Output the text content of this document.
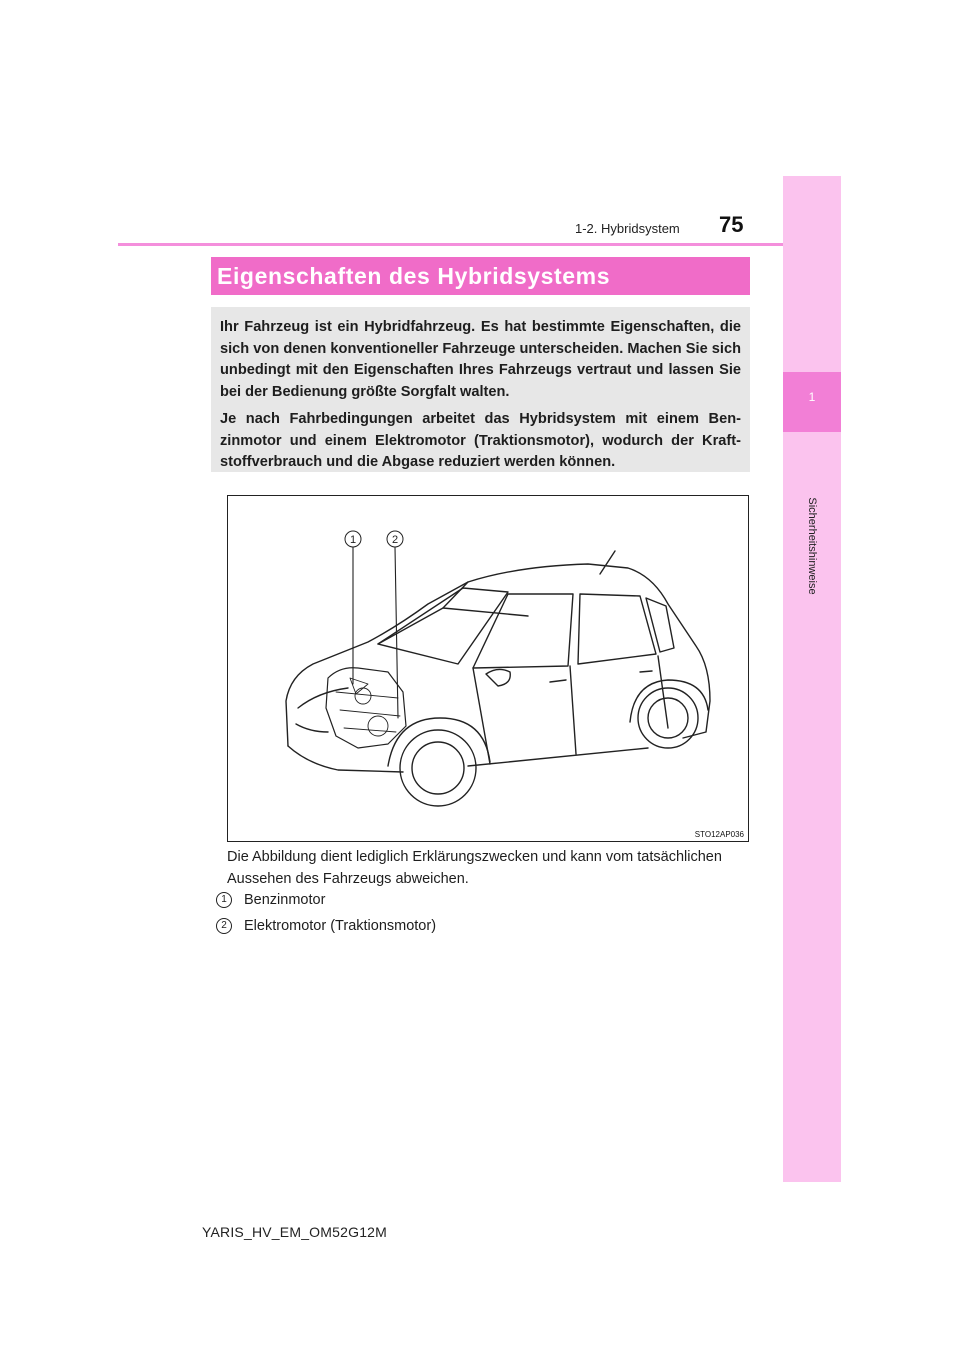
1
Sicherheitshinweise
1-2. Hybridsystem 75
Eigenschaften des Hybridsystems

Ihr Fahrzeug ist ein Hybridfahrzeug. Es hat bestimmte Eigenschaften, die sich von denen konventioneller Fahrzeuge unterscheiden. Machen Sie sich unbedingt mit den Eigenschaften Ihres Fahrzeugs vertraut und lassen Sie bei der Bedienung größte Sorgfalt walten.

Je nach Fahrbedingungen arbeitet das Hybridsystem mit einem Benzinmotor und einem Elektromotor (Traktionsmotor), wodurch der Kraftstoffverbrauch und die Abgase reduziert werden können.

1	2
STO12AP036
Die Abbildung dient lediglich Erklärungszwecken und kann vom tatsächlichen Aussehen des Fahrzeugs abweichen.
1	Benzinmotor
2	Elektromotor (Traktionsmotor)
YARIS_HV_EM_OM52G12M
